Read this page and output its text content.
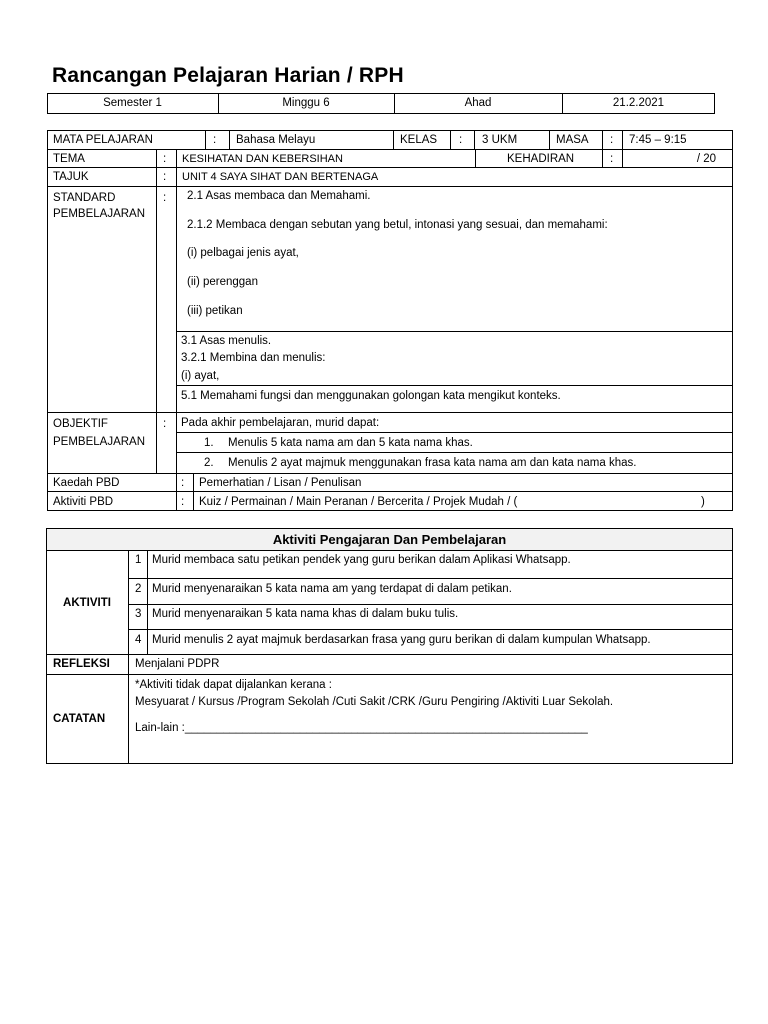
Rancangan Pelajaran Harian / RPH
Semester 1	Minggu 6	Ahad	21.2.2021
MATA PELAJARAN	: Bahasa Melayu	KELAS : 3 UKM	MASA : 7:45 – 9:15
TEMA	: KESIHATAN DAN KEBERSIHAN	KEHADIRAN	:	/ 20
TAJUK	: UNIT 4 SAYA SIHAT DAN BERTENAGA
STANDARD
PEMBELAJARAN
: 2.1 Asas membaca dan Memahami.
2.1.2 Membaca dengan sebutan yang betul, intonasi yang sesuai, dan memahami:
(i) pelbagai jenis ayat,
(ii) perenggan
(iii) petikan
3.1 Asas menulis.
3.2.1 Membina dan menulis:
(i) ayat,
5.1 Memahami fungsi dan menggunakan golongan kata mengikut konteks.
OBJEKTIF
PEMBELAJARAN
: Pada akhir pembelajaran, murid dapat:
1. Menulis 5 kata nama am dan 5 kata nama khas.
2. Menulis 2 ayat majmuk menggunakan frasa kata nama am dan kata nama khas.
Kaedah PBD	: Pemerhatian / Lisan / Penulisan
Aktiviti PBD	: Kuiz / Permainan / Main Peranan / Bercerita / Projek Mudah / (	)
Aktiviti Pengajaran Dan Pembelajaran
AKTIVITI
1 Murid membaca satu petikan pendek yang guru berikan dalam Aplikasi Whatsapp.
2 Murid menyenaraikan 5 kata nama am yang terdapat di dalam petikan.
3 Murid menyenaraikan 5 kata nama khas di dalam buku tulis.
4 Murid menulis 2 ayat majmuk berdasarkan frasa yang guru berikan di dalam kumpulan Whatsapp.
REFLEKSI Menjalani PDPR
CATATAN
*Aktiviti tidak dapat dijalankan kerana :
Mesyuarat / Kursus /Program Sekolah /Cuti Sakit /CRK /Guru Pengiring /Aktiviti Luar Sekolah.
Lain-lain :_______________________________________________________________
